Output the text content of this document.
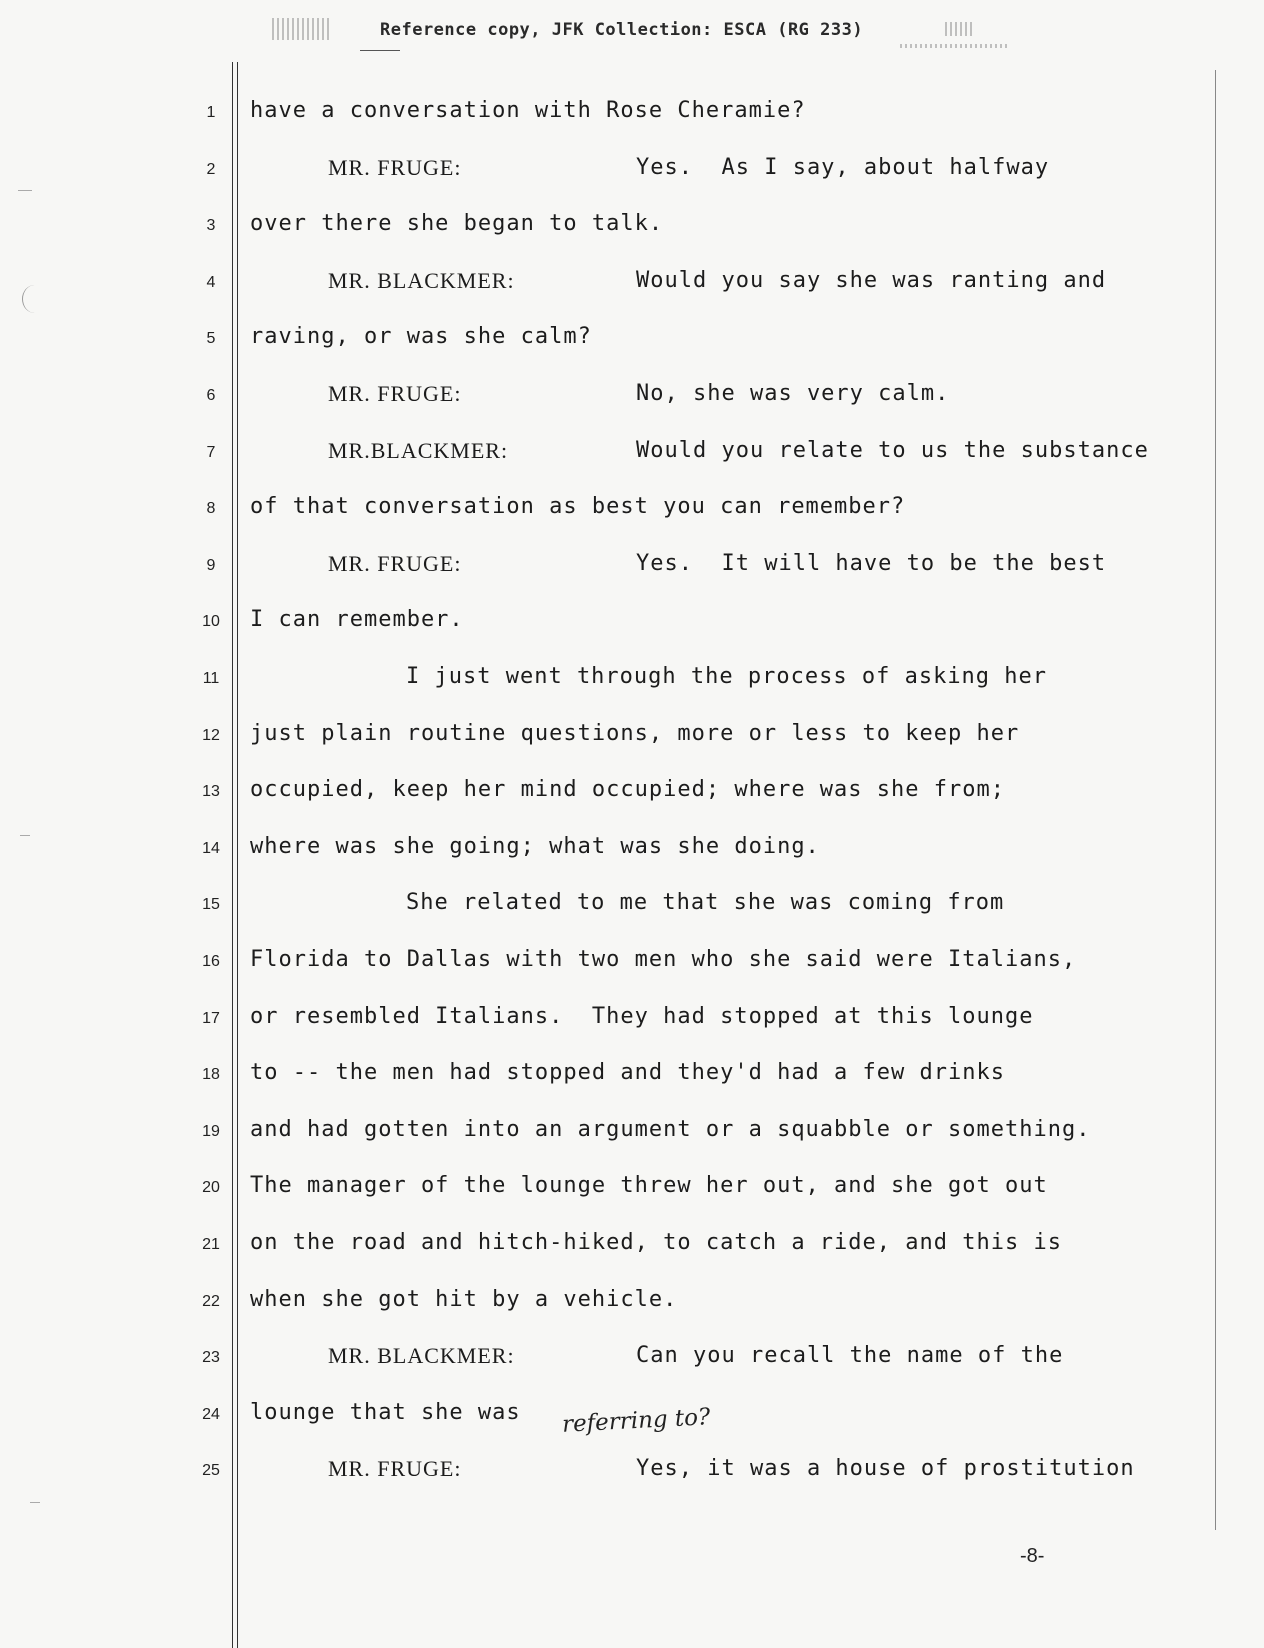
Reference copy, JFK Collection: ESCA (RG 233)
1	have a conversation with Rose Cheramie?
2	MR. FRUGE:	Yes.  As I say, about halfway
3	over there she began to talk.
4	MR. BLACKMER:	Would you say she was ranting and
5	raving, or was she calm?
6	MR. FRUGE:	No, she was very calm.
7	MR.BLACKMER:	Would you relate to us the substance
8	of that conversation as best you can remember?
9	MR. FRUGE:	Yes.  It will have to be the best
10 I can remember.
11	I just went through the process of asking her
12 just plain routine questions, more or less to keep her
13 occupied, keep her mind occupied; where was she from;
14 where was she going; what was she doing.
15	She related to me that she was coming from
16 Florida to Dallas with two men who she said were Italians,
17 or resembled Italians.  They had stopped at this lounge
18 to -- the men had stopped and they'd had a few drinks
19 and had gotten into an argument or a squabble or something.
20 The manager of the lounge threw her out, and she got out
21 on the road and hitch-hiked, to catch a ride, and this is
22 when she got hit by a vehicle.
23	MR. BLACKMER:	Can you recall the name of the
24 lounge that she was
25	MR. FRUGE:	Yes, it was a house of prostitution
referring to?
-8-
